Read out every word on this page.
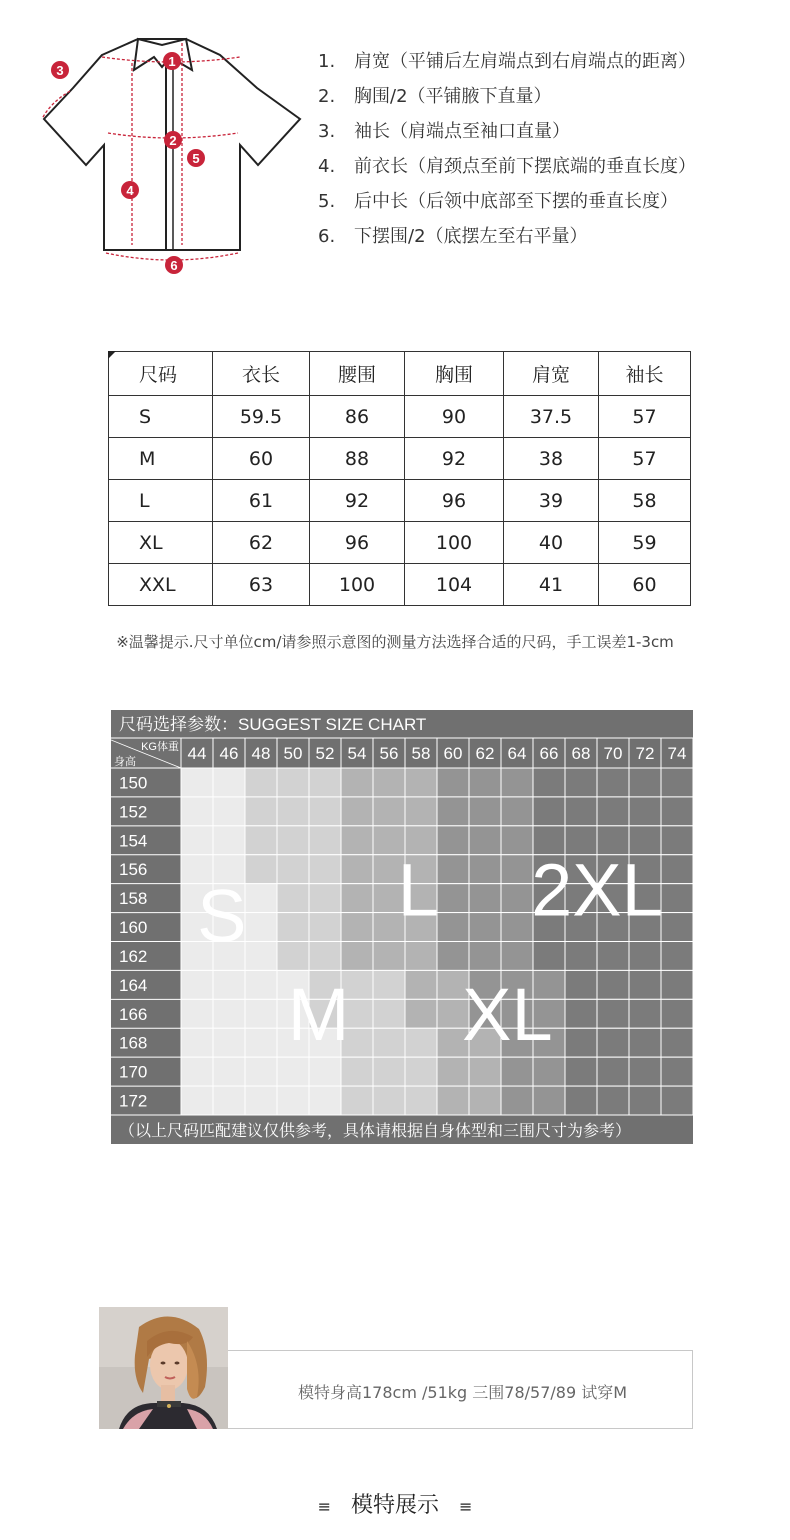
1
2
3
4
5
6
1. 肩宽（平铺后左肩端点到右肩端点的距离）
2. 胸围/2（平铺腋下直量）
3. 袖长（肩端点至袖口直量）
4. 前衣长（肩颈点至前下摆底端的垂直长度）
5. 后中长（后领中底部至下摆的垂直长度）
6. 下摆围/2（底摆左至右平量）
尺码	衣长	腰围	胸围	肩宽	袖长
S	59.5	86	90	37.5	57
M	60	88	92	38	57
L	61	92	96	39	58
XL	62	96	100	40	59
XXL	63	100	104	41	60
※温馨提示.尺寸单位cm/请参照示意图的测量方法选择合适的尺码，手工误差1-3cm
尺码选择参数：SUGGEST SIZE CHART
44 46 48 50 52 54 56 58 60 62 64 66 68 70 72 74
KG体重
身高
150
152
154
156
158
160
162
164
166
168
170
172
S
M
L
XL
2XL
（以上尺码匹配建议仅供参考，具体请根据自身体型和三围尺寸为参考）
模特身高178cm /51kg 三围78/57/89 试穿M
≡ 模特展示 ≡
